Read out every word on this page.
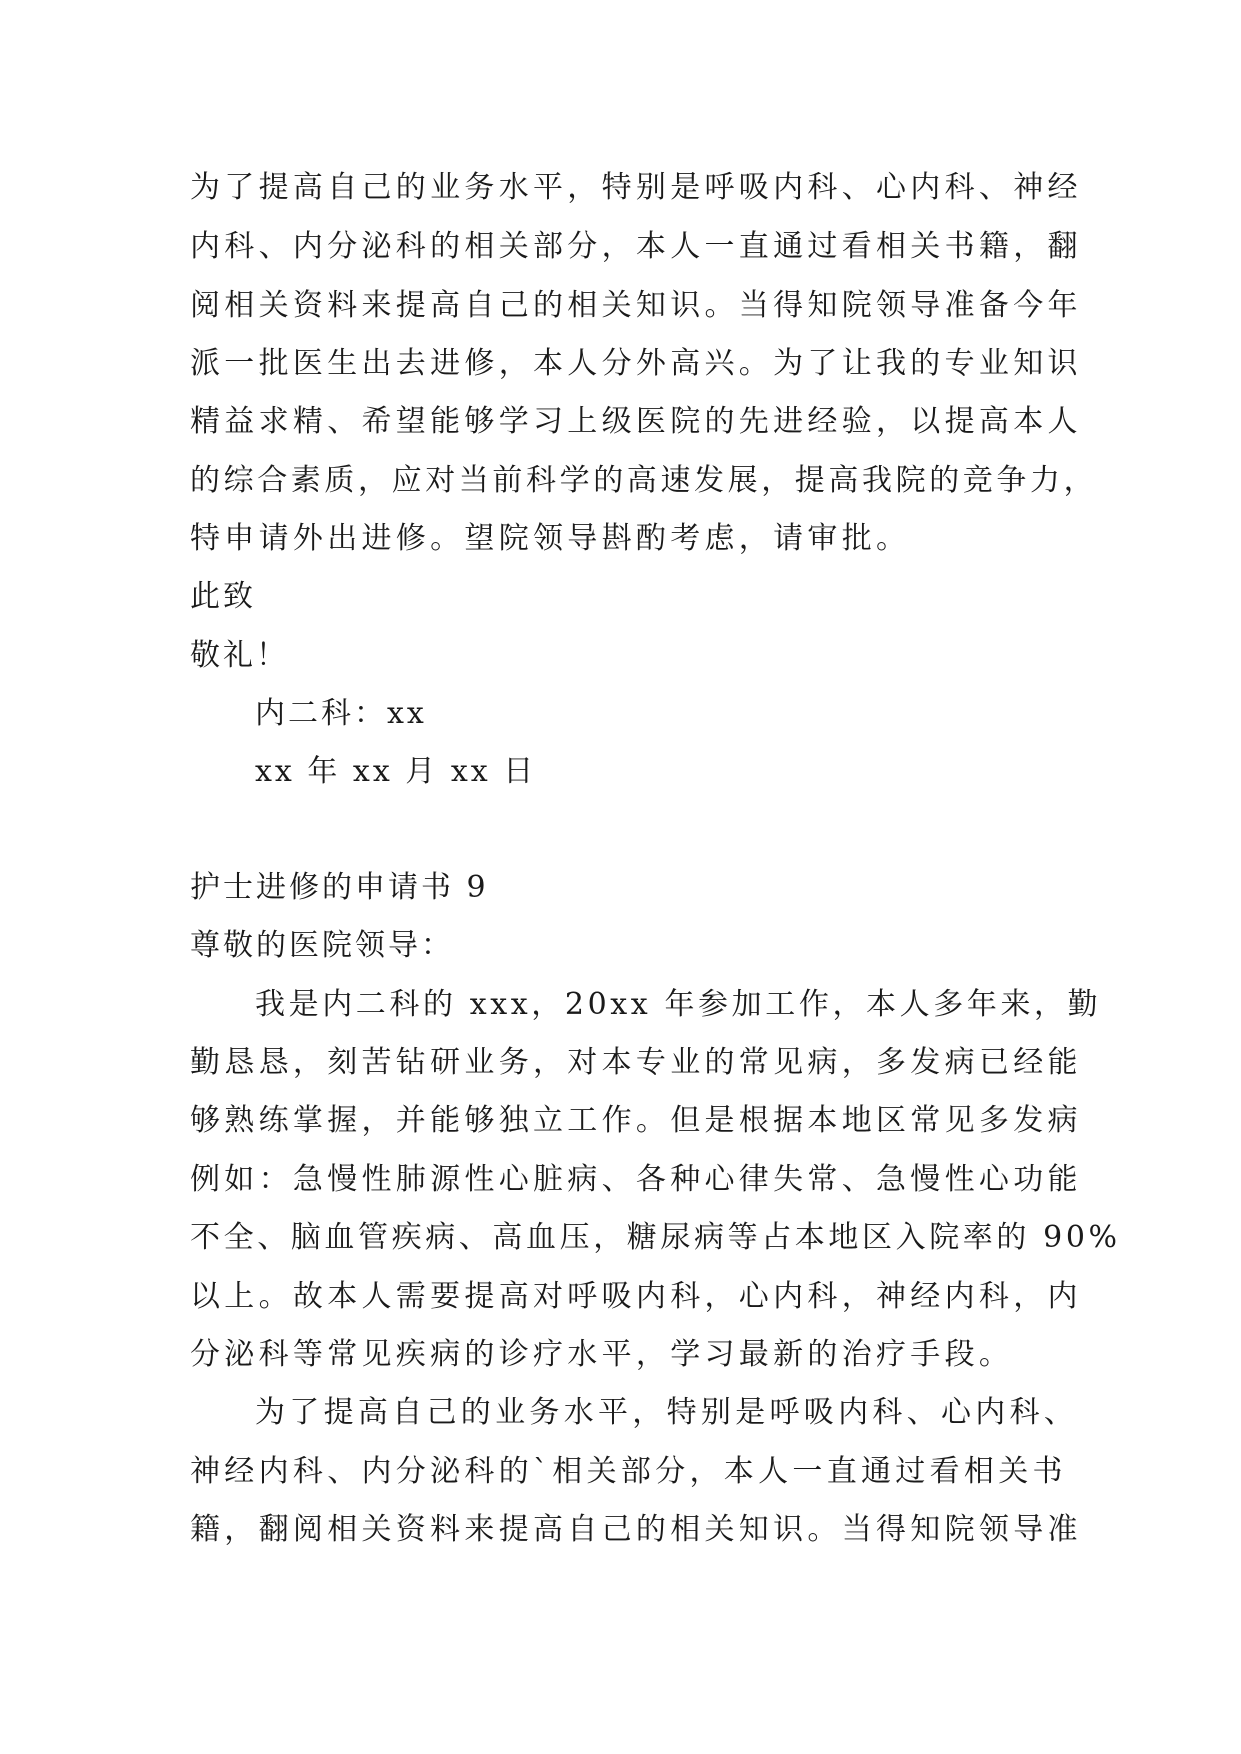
为了提高自己的业务水平，特别是呼吸内科、心内科、神经
内科、内分泌科的相关部分，本人一直通过看相关书籍，翻
阅相关资料来提高自己的相关知识。当得知院领导准备今年
派一批医生出去进修，本人分外高兴。为了让我的专业知识
精益求精、希望能够学习上级医院的先进经验，以提高本人
的综合素质，应对当前科学的高速发展，提高我院的竞争力，
特申请外出进修。望院领导斟酌考虑，请审批。
此致
敬礼！
内二科：xx
xx 年 xx 月 xx 日
护士进修的申请书 9
尊敬的医院领导：
我是内二科的 xxx，20xx 年参加工作，本人多年来，勤
勤恳恳，刻苦钻研业务，对本专业的常见病，多发病已经能
够熟练掌握，并能够独立工作。但是根据本地区常见多发病
例如：急慢性肺源性心脏病、各种心律失常、急慢性心功能
不全、脑血管疾病、高血压，糖尿病等占本地区入院率的 90%
以上。故本人需要提高对呼吸内科，心内科，神经内科，内
分泌科等常见疾病的诊疗水平，学习最新的治疗手段。
为了提高自己的业务水平，特别是呼吸内科、心内科、
神经内科、内分泌科的`相关部分，本人一直通过看相关书
籍，翻阅相关资料来提高自己的相关知识。当得知院领导准
